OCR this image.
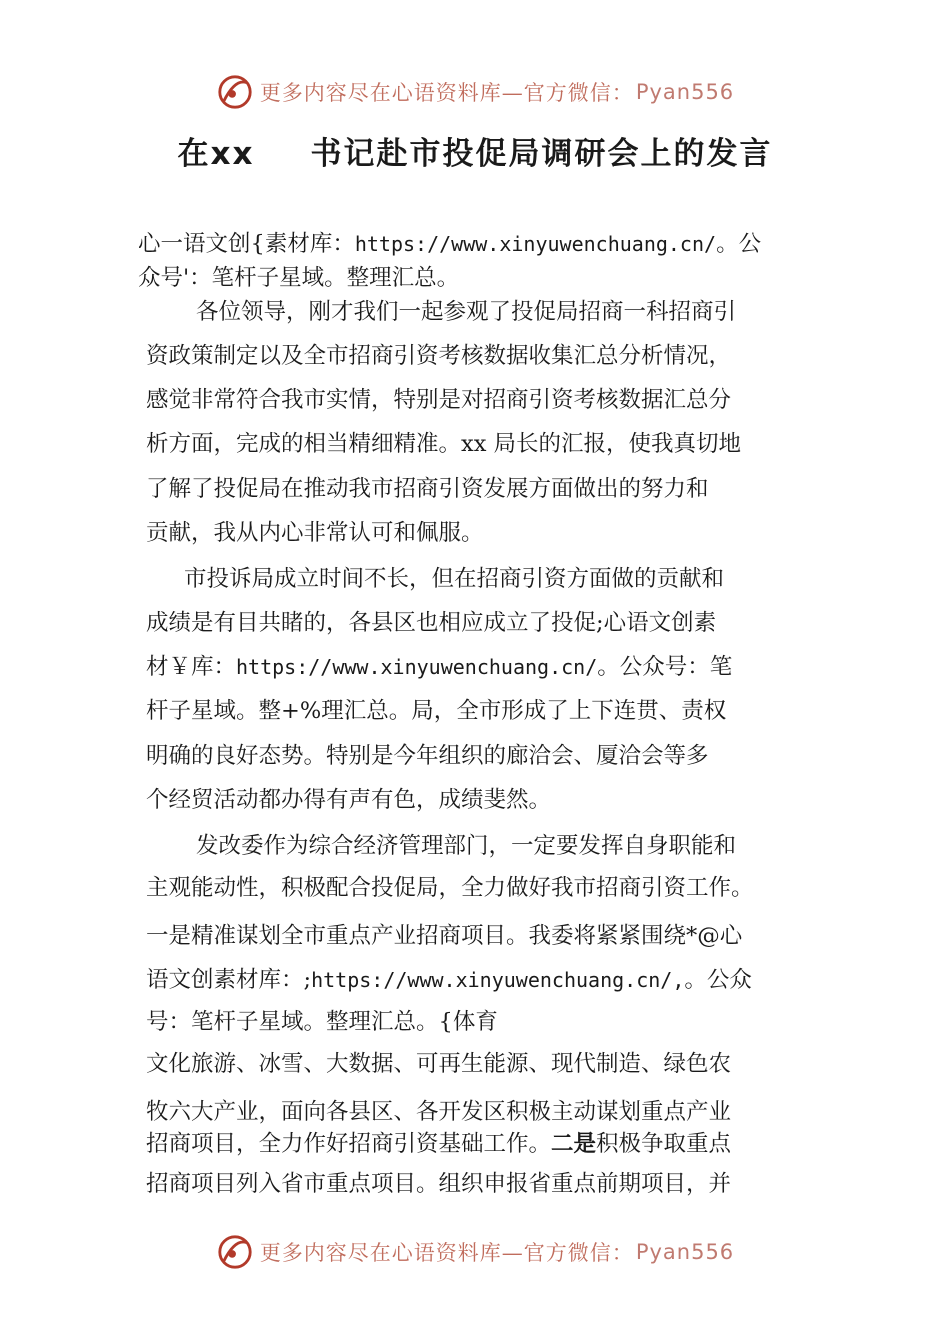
更多内容尽在心语资料库—官方微信： Pyan556
在xx 书记赴市投促局调研会上的发言
心一语文创{素材库：https://www.xinyuwenchuang.cn/。公
众号'：笔杆子星域。整理汇总。
各位领导，刚才我们一起参观了投促局招商一科招商引
资政策制定以及全市招商引资考核数据收集汇总分析情况，
感觉非常符合我市实情，特别是对招商引资考核数据汇总分
析方面，完成的相当精细精准。xx 局长的汇报，使我真切地
了解了投促局在推动我市招商引资发展方面做出的努力和
贡献，我从内心非常认可和佩服。
市投诉局成立时间不长，但在招商引资方面做的贡献和
成绩是有目共睹的，各县区也相应成立了投促;心语文创素
材￥库：https://www.xinyuwenchuang.cn/。公众号：笔
杆子星域。整+%理汇总。局，全市形成了上下连贯、责权
明确的良好态势。特别是今年组织的廊洽会、厦洽会等多
个经贸活动都办得有声有色，成绩斐然。
发改委作为综合经济管理部门，一定要发挥自身职能和
主观能动性，积极配合投促局，全力做好我市招商引资工作。
一是精准谋划全市重点产业招商项目。我委将紧紧围绕*@心
语文创素材库：;https://www.xinyuwenchuang.cn/,。公众
号：笔杆子星域。整理汇总。{体育
文化旅游、冰雪、大数据、可再生能源、现代制造、绿色农
牧六大产业，面向各县区、各开发区积极主动谋划重点产业
招商项目，全力作好招商引资基础工作。二是积极争取重点
招商项目列入省市重点项目。组织申报省重点前期项目，并
更多内容尽在心语资料库—官方微信： Pyan556
